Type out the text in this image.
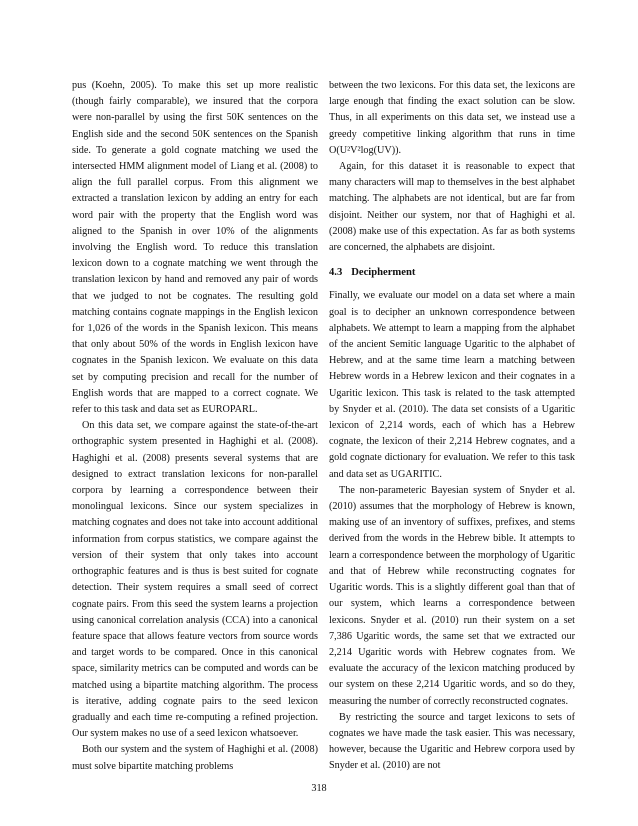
pus (Koehn, 2005). To make this set up more realistic (though fairly comparable), we insured that the corpora were non-parallel by using the first 50K sentences on the English side and the second 50K sentences on the Spanish side. To generate a gold cognate matching we used the intersected HMM alignment model of Liang et al. (2008) to align the full parallel corpus. From this alignment we extracted a translation lexicon by adding an entry for each word pair with the property that the English word was aligned to the Spanish in over 10% of the alignments involving the English word. To reduce this translation lexicon down to a cognate matching we went through the translation lexicon by hand and removed any pair of words that we judged to not be cognates. The resulting gold matching contains cognate mappings in the English lexicon for 1,026 of the words in the Spanish lexicon. This means that only about 50% of the words in English lexicon have cognates in the Spanish lexicon. We evaluate on this data set by computing precision and recall for the number of English words that are mapped to a correct cognate. We refer to this task and data set as EUROPARL.

On this data set, we compare against the state-of-the-art orthographic system presented in Haghighi et al. (2008). Haghighi et al. (2008) presents several systems that are designed to extract translation lexicons for non-parallel corpora by learning a correspondence between their monolingual lexicons. Since our system specializes in matching cognates and does not take into account additional information from corpus statistics, we compare against the version of their system that only takes into account orthographic features and is thus is best suited for cognate detection. Their system requires a small seed of correct cognate pairs. From this seed the system learns a projection using canonical correlation analysis (CCA) into a canonical feature space that allows feature vectors from source words and target words to be compared. Once in this canonical space, similarity metrics can be computed and words can be matched using a bipartite matching algorithm. The process is iterative, adding cognate pairs to the seed lexicon gradually and each time re-computing a refined projection. Our system makes no use of a seed lexicon whatsoever.

Both our system and the system of Haghighi et al. (2008) must solve bipartite matching problems

between the two lexicons. For this data set, the lexicons are large enough that finding the exact solution can be slow. Thus, in all experiments on this data set, we instead use a greedy competitive linking algorithm that runs in time O(U²V²log(UV)).

Again, for this dataset it is reasonable to expect that many characters will map to themselves in the best alphabet matching. The alphabets are not identical, but are far from disjoint. Neither our system, nor that of Haghighi et al. (2008) make use of this expectation. As far as both systems are concerned, the alphabets are disjoint.

4.3 Decipherment

Finally, we evaluate our model on a data set where a main goal is to decipher an unknown correspondence between alphabets. We attempt to learn a mapping from the alphabet of the ancient Semitic language Ugaritic to the alphabet of Hebrew, and at the same time learn a matching between Hebrew words in a Hebrew lexicon and their cognates in a Ugaritic lexicon. This task is related to the task attempted by Snyder et al. (2010). The data set consists of a Ugaritic lexicon of 2,214 words, each of which has a Hebrew cognate, the lexicon of their 2,214 Hebrew cognates, and a gold cognate dictionary for evaluation. We refer to this task and data set as UGARITIC.

The non-parameteric Bayesian system of Snyder et al. (2010) assumes that the morphology of Hebrew is known, making use of an inventory of suffixes, prefixes, and stems derived from the words in the Hebrew bible. It attempts to learn a correspondence between the morphology of Ugaritic and that of Hebrew while reconstructing cognates for Ugaritic words. This is a slightly different goal than that of our system, which learns a correspondence between lexicons. Snyder et al. (2010) run their system on a set 7,386 Ugaritic words, the same set that we extracted our 2,214 Ugaritic words with Hebrew cognates from. We evaluate the accuracy of the lexicon matching produced by our system on these 2,214 Ugaritic words, and so do they, measuring the number of correctly reconstructed cognates.

By restricting the source and target lexicons to sets of cognates we have made the task easier. This was necessary, however, because the Ugaritic and Hebrew corpora used by Snyder et al. (2010) are not

318
